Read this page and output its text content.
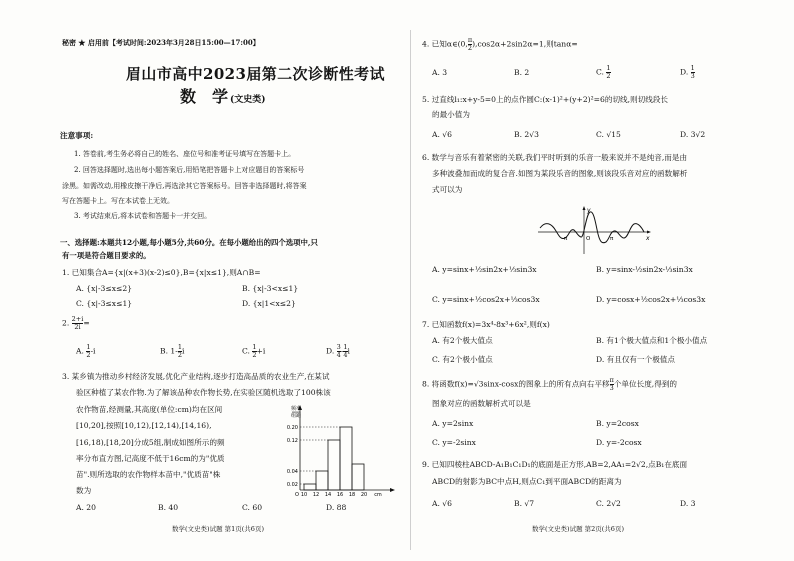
秘密 ★ 启用前【考试时间:2023年3月28日15:00—17:00】
眉山市高中2023届第二次诊断性考试
数　学 (文史类)
注意事项:
1. 答卷前,考生务必将自己的姓名、座位号和准考证号填写在答题卡上。
2. 回答选择题时,选出每小题答案后,用铅笔把答题卡上对应题目的答案标号
涂黑。如需改动,用橡皮擦干净后,再选涂其它答案标号。回答非选择题时,将答案
写在答题卡上。写在本试卷上无效。
3. 考试结束后,将本试卷和答题卡一并交回。
一、选择题:本题共12小题,每小题5分,共60分。在每小题给出的四个选项中,只
有一项是符合题目要求的。
1. 已知集合A={x|(x+3)(x-2)≤0},B={x|x≤1},则A∩B=
A. {x|-3≤x≤2}	B. {x|-3<x≤1}
C. {x|-3≤x≤1}	D. {x|1<x≤2}
2. $\frac{2+i}{2i}$ =
A. $\frac{1}{2} -i$	B. $1- \frac{1}{2}$ i	C. $\frac{1}{2} +i$	D. $\frac{3}{4} - \frac{1}{4}$ i
3. 某乡镇为推动乡村经济发展,优化产业结构,逐步打造高品质的农业生产,在某试
验区种植了某农作物.为了解该品种农作物长势,在实验区随机选取了100株该
农作物苗,经测量,其高度(单位:cm)均在区间
[10,20],按照[10,12),[12,14),[14,16),
[16,18),[18,20]分成5组,制成如图所示的频
率分布直方图,记高度不低于16cm的为"优质
苗".则所选取的农作物样本苗中,"优质苗"株
数为
频率
组距
0.20
0.12
0.04
0.02
O 10 12 14 16 18 20 cm
A. 20	B. 40	C. 60	D. 88
数学(文史类)试题 第1页(共6页)
4. 已知α∈(0, $\frac{\pi}{2} ),\cos 2\alpha+2\sin 2\alpha=1$,则tanα=
A. 3	B. 2	C. $\frac{1}{2}$	D. $\frac{1}{3}$
5. 过直线l₁:x+y-5=0上的点作圆C:(x-1)²+(y+2)²=6的切线,则切线段长
的最小值为
A. √6	B. 2√3	C. √15	D. 3√2
6. 数学与音乐有着紧密的关联,我们平时听到的乐音一般来说并不是纯音,而是由
多种波叠加而成的复合音.如图为某段乐音的图象,则该段乐音对应的函数解析
式可以为
y
x
O
-π	π
A. y=sinx+½sin2x+⅓sin3x	B. y=sinx-½sin2x-⅓sin3x
C. y=sinx+½cos2x+⅓cos3x	D. y=cosx+½cos2x+⅓cos3x
7. 已知函数f(x)=3x⁴-8x³+6x²,则f(x)
A. 有2个极大值点	B. 有1个极大值点和1个极小值点
C. 有2个极小值点	D. 有且仅有一个极值点
8. 将函数f(x)=√3sinx-cosx的图象上的所有点向右平移 $\frac{\pi}{3}$ 个单位长度,得到的
图象对应的函数解析式可以是
A. y=2sinx	B. y=2cosx
C. y=-2sinx	D. y=-2cosx
9. 已知四棱柱ABCD-A₁B₁C₁D₁的底面是正方形,AB=2,AA₁=2√2,点B₁在底面
ABCD的射影为BC中点H,则点C₁到平面ABCD的距离为
A. √6	B. √7	C. 2√2	D. 3
数学(文史类)试题 第2页(共6页)
